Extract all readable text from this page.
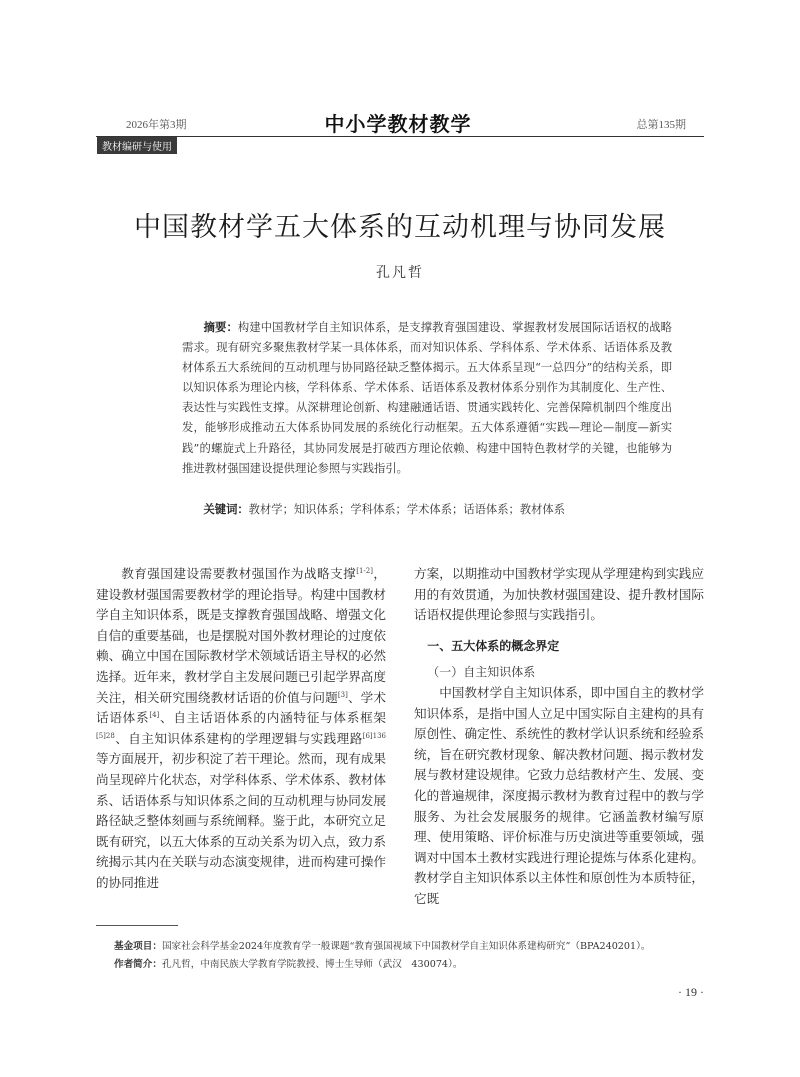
2026年第3期	中小学教材教学	总第135期
教材编研与使用
中国教材学五大体系的互动机理与协同发展
孔凡哲

摘要：构建中国教材学自主知识体系，是支撑教育强国建设、掌握教材发展国际话语权的战略需求。现有研究多聚焦教材学某一具体体系，而对知识体系、学科体系、学术体系、话语体系及教材体系五大系统间的互动机理与协同路径缺乏整体揭示。五大体系呈现“一总四分”的结构关系，即以知识体系为理论内核，学科体系、学术体系、话语体系及教材体系分别作为其制度化、生产性、表达性与实践性支撑。从深耕理论创新、构建融通话语、贯通实践转化、完善保障机制四个维度出发，能够形成推动五大体系协同发展的系统化行动框架。五大体系遵循“实践—理论—制度—新实践”的螺旋式上升路径，其协同发展是打破西方理论依赖、构建中国特色教材学的关键，也能够为推进教材强国建设提供理论参照与实践指引。

关键词：教材学；知识体系；学科体系；学术体系；话语体系；教材体系

教育强国建设需要教材强国作为战略支撑[1-2]，建设教材强国需要教材学的理论指导。构建中国教材学自主知识体系，既是支撑教育强国战略、增强文化自信的重要基础，也是摆脱对国外教材理论的过度依赖、确立中国在国际教材学术领域话语主导权的必然选择。近年来，教材学自主发展问题已引起学界高度关注，相关研究围绕教材话语的价值与问题[3]、学术话语体系[4]、自主话语体系的内涵特征与体系框架$^{[5]28}$、自主知识体系建构的学理逻辑与实践理路$^{[6]136}$等方面展开，初步积淀了若干理论。然而，现有成果尚呈现碎片化状态，对学科体系、学术体系、教材体系、话语体系与知识体系之间的互动机理与协同发展路径缺乏整体刻画与系统阐释。鉴于此，本研究立足既有研究，以五大体系的互动关系为切入点，致力系统揭示其内在关联与动态演变规律，进而构建可操作的协同推进

方案，以期推动中国教材学实现从学理建构到实践应用的有效贯通，为加快教材强国建设、提升教材国际话语权提供理论参照与实践指引。

一、五大体系的概念界定
（一）自主知识体系

中国教材学自主知识体系，即中国自主的教材学知识体系，是指中国人立足中国实际自主建构的具有原创性、确定性、系统性的教材学认识系统和经验系统，旨在研究教材现象、解决教材问题、揭示教材发展与教材建设规律。它致力总结教材产生、发展、变化的普遍规律，深度揭示教材为教育过程中的教与学服务、为社会发展服务的规律。它涵盖教材编写原理、使用策略、评价标准与历史演进等重要领域，强调对中国本土教材实践进行理论提炼与体系化建构。教材学自主知识体系以主体性和原创性为本质特征，它既

基金项目：国家社会科学基金2024年度教育学一般课题“教育强国视域下中国教材学自主知识体系建构研究”（BPA240201）。
作者简介：孔凡哲，中南民族大学教育学院教授、博士生导师（武汉　430074）。
· 19 ·
